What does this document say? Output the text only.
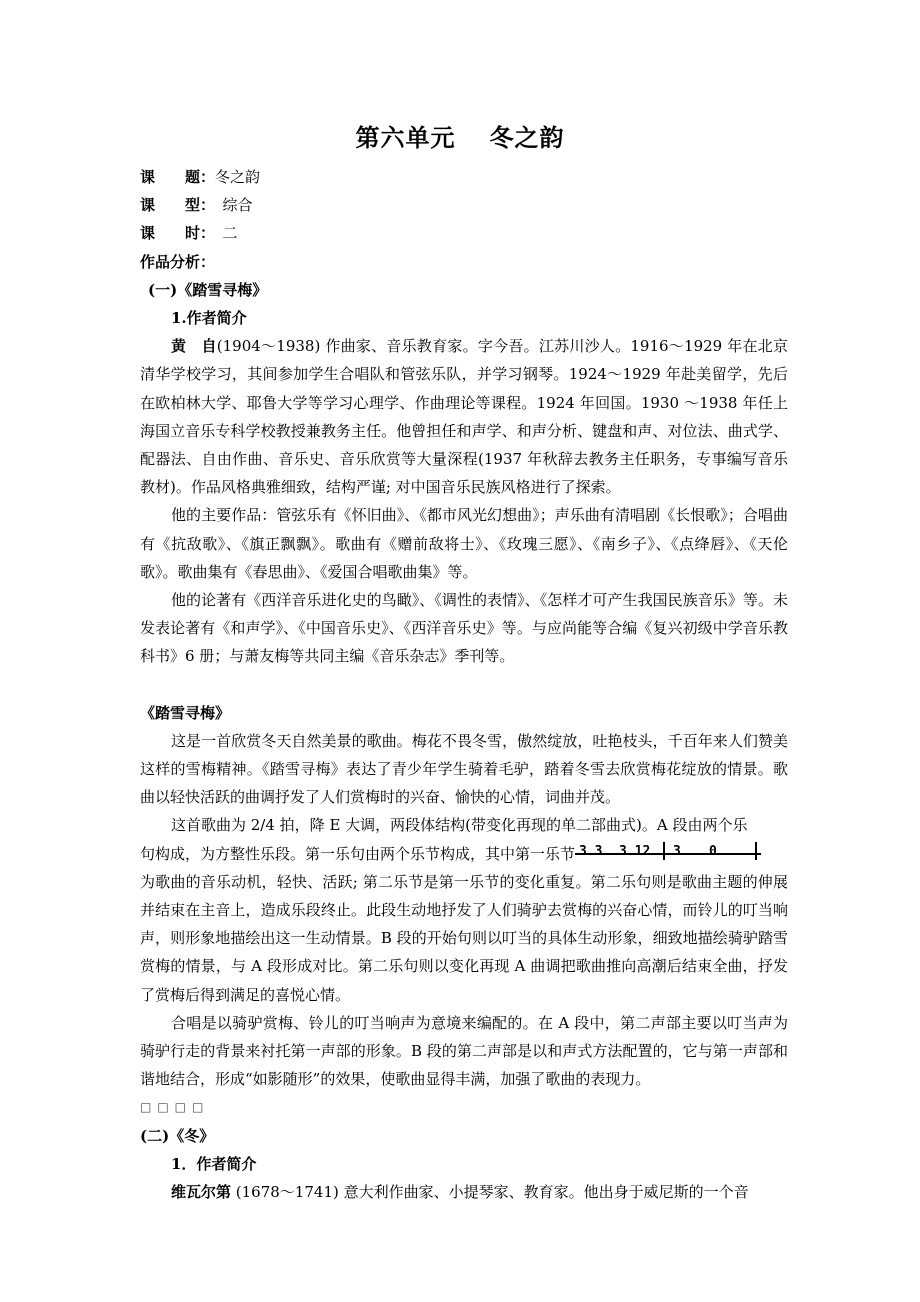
第六单元 冬之韵
课　　题：冬之韵
课　　型：　综合
课　　时：　二
作品分析：
(一)《踏雪寻梅》
1.作者简介
黄　自(1904～1938) 作曲家、音乐教育家。字今吾。江苏川沙人。1916～1929 年在北京清华学校学习，其间参加学生合唱队和管弦乐队，并学习钢琴。1924～1929 年赴美留学，先后在欧柏林大学、耶鲁大学等学习心理学、作曲理论等课程。1924 年回国。1930 ～1938 年任上海国立音乐专科学校教授兼教务主任。他曾担任和声学、和声分析、键盘和声、对位法、曲式学、配器法、自由作曲、音乐史、音乐欣赏等大量深程(1937 年秋辞去教务主任职务，专事编写音乐教材)。作品风格典雅细致，结构严谨; 对中国音乐民族风格进行了探索。
他的主要作品：管弦乐有《怀旧曲》、《都市风光幻想曲》；声乐曲有清唱剧《长恨歌》；合唱曲有《抗敌歌》、《旗正飘飘》。歌曲有《赠前敌将士》、《玫瑰三愿》、《南乡子》、《点绛唇》、《天伦歌》。歌曲集有《春思曲》、《爱国合唱歌曲集》等。
他的论著有《西洋音乐进化史的鸟瞰》、《调性的表情》、《怎样才可产生我国民族音乐》等。未发表论著有《和声学》、《中国音乐史》、《西洋音乐史》等。与应尚能等合编《复兴初级中学音乐教科书》6 册；与萧友梅等共同主编《音乐杂志》季刊等。
《踏雪寻梅》
这是一首欣赏冬天自然美景的歌曲。梅花不畏冬雪，傲然绽放，吐艳枝头，千百年来人们赞美这样的雪梅精神。《踏雪寻梅》表达了青少年学生骑着毛驴，踏着冬雪去欣赏梅花绽放的情景。歌曲以轻快活跃的曲调抒发了人们赏梅时的兴奋、愉快的心情，词曲并茂。
这首歌曲为 2/4 拍，降 E 大调，两段体结构(带变化再现的单二部曲式)。A 段由两个乐
句构成，为方整性乐段。第一乐句由两个乐节构成，其中第一乐节 3 3 3 12 3 0
为歌曲的音乐动机，轻快、活跃; 第二乐节是第一乐节的变化重复。第二乐句则是歌曲主题的伸展并结束在主音上，造成乐段终止。此段生动地抒发了人们骑驴去赏梅的兴奋心情，而铃儿的叮当响声，则形象地描绘出这一生动情景。B 段的开始句则以叮当的具体生动形象，细致地描绘骑驴踏雪赏梅的情景，与 A 段形成对比。第二乐句则以变化再现 A 曲调把歌曲推向高潮后结束全曲，抒发了赏梅后得到满足的喜悦心情。
合唱是以骑驴赏梅、铃儿的叮当响声为意境来编配的。在 A 段中，第二声部主要以叮当声为骑驴行走的背景来衬托第一声部的形象。B 段的第二声部是以和声式方法配置的，它与第一声部和谐地结合，形成“如影随形”的效果，使歌曲显得丰满，加强了歌曲的表现力。
□□□□
(二)《冬》
1．作者简介
维瓦尔第 (1678～1741) 意大利作曲家、小提琴家、教育家。他出身于威尼斯的一个音
